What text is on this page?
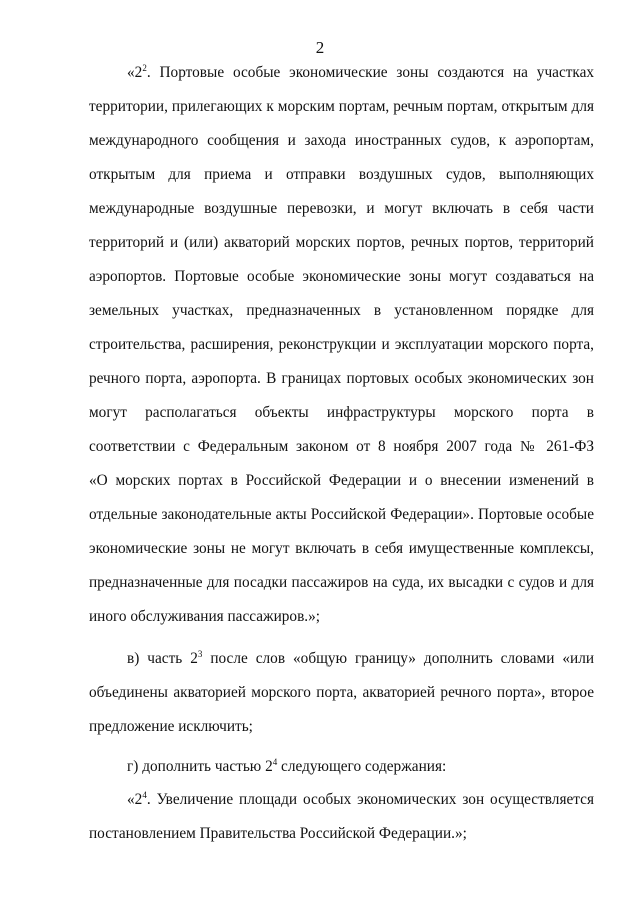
2
«$2^2$. Портовые особые экономические зоны создаются на участках
территории, прилегающих к морским портам, речным портам, открытым для
международного сообщения и захода иностранных судов, к аэропортам,
открытым для приема и отправки воздушных судов, выполняющих
международные воздушные перевозки, и могут включать в себя части
территорий и (или) акваторий морских портов, речных портов, территорий
аэропортов. Портовые особые экономические зоны могут создаваться на
земельных участках, предназначенных в установленном порядке для
строительства, расширения, реконструкции и эксплуатации морского порта,
речного порта, аэропорта. В границах портовых особых экономических зон
могут располагаться объекты инфраструктуры морского порта в
соответствии с Федеральным законом от 8 ноября 2007 года № 261-ФЗ
«О морских портах в Российской Федерации и о внесении изменений в
отдельные законодательные акты Российской Федерации». Портовые особые
экономические зоны не могут включать в себя имущественные комплексы,
предназначенные для посадки пассажиров на суда, их высадки с судов и для
иного обслуживания пассажиров.»;
в) часть $2^3$ после слов «общую границу» дополнить словами «или
объединены акваторией морского порта, акваторией речного порта», второе
предложение исключить;
г) дополнить частью $2^4$ следующего содержания:
«$2^4$. Увеличение площади особых экономических зон осуществляется
постановлением Правительства Российской Федерации.»;
